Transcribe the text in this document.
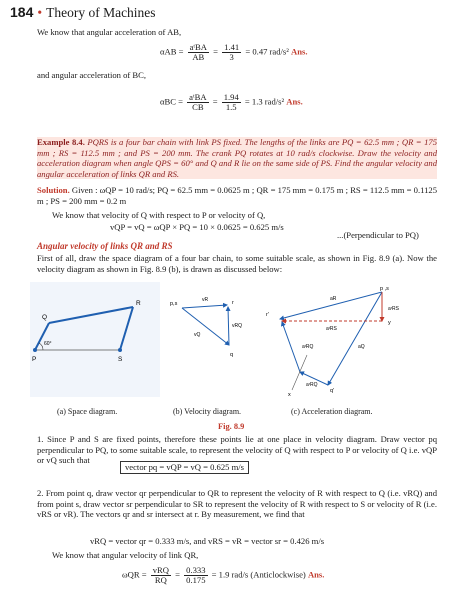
184 • Theory of Machines
We know that angular acceleration of AB,
$\alpha AB = \frac{\text{aᵗBA}}{AB} = \frac{1.41}{3} = 0.47$ rad/s² Ans.
and angular acceleration of BC,
$\alpha BC = \frac{\text{aᵗBA}}{CB} = \frac{1.94}{1.5} = 1.3$ rad/s² Ans.
Example 8.4. PQRS is a four bar chain with link PS fixed. The lengths of the links are PQ = 62.5 mm ; QR = 175 mm ; RS = 112.5 mm ; and PS = 200 mm. The crank PQ rotates at 10 rad/s clockwise. Draw the velocity and acceleration diagram when angle QPS = 60° and Q and R lie on the same side of PS. Find the angular velocity and angular acceleration of links QR and RS.
Solution. Given : ωQP = 10 rad/s; PQ = 62.5 mm = 0.0625 m ; QR = 175 mm = 0.175 m ; RS = 112.5 mm = 0.1125 m ; PS = 200 mm = 0.2 m
We know that velocity of Q with respect to P or velocity of Q,
vQP = vQ = ωQP × PQ = 10 × 0.0625 = 0.625 m/s
...(Perpendicular to PQ)
Angular velocity of links QR and RS
First of all, draw the space diagram of a four bar chain, to some suitable scale, as shown in Fig. 8.9 (a). Now the velocity diagram as shown in Fig. 8.9 (b), is drawn as discussed below:
P	S
Q
R
60°
p,s
q
r
vR
vRQ
vQ
p ,s
r'
q'
x
y
aR
aʳRS
aᵗRS
aᵗRQ	aQ
aʳRQ
(a) Space diagram.	(b) Velocity diagram.	(c) Acceleration diagram.
Fig. 8.9
1. Since P and S are fixed points, therefore these points lie at one place in velocity diagram. Draw vector pq perpendicular to PQ, to some suitable scale, to represent the velocity of Q with respect to P or velocity of Q i.e. vQP or vQ such that
vector pq = vQP = vQ = 0.625 m/s
2. From point q, draw vector qr perpendicular to QR to represent the velocity of R with respect to Q (i.e. vRQ) and from point s, draw vector sr perpendicular to SR to represent the velocity of R with respect to S or velocity of R (i.e. vRS or vR). The vectors qr and sr intersect at r. By measurement, we find that
vRQ = vector qr = 0.333 m/s, and vRS = vR = vector sr = 0.426 m/s
We know that angular velocity of link QR,
$\omega QR = \frac{\text{vRQ}}{RQ} = \frac{0.333}{0.175} = 1.9$ rad/s (Anticlockwise) Ans.
